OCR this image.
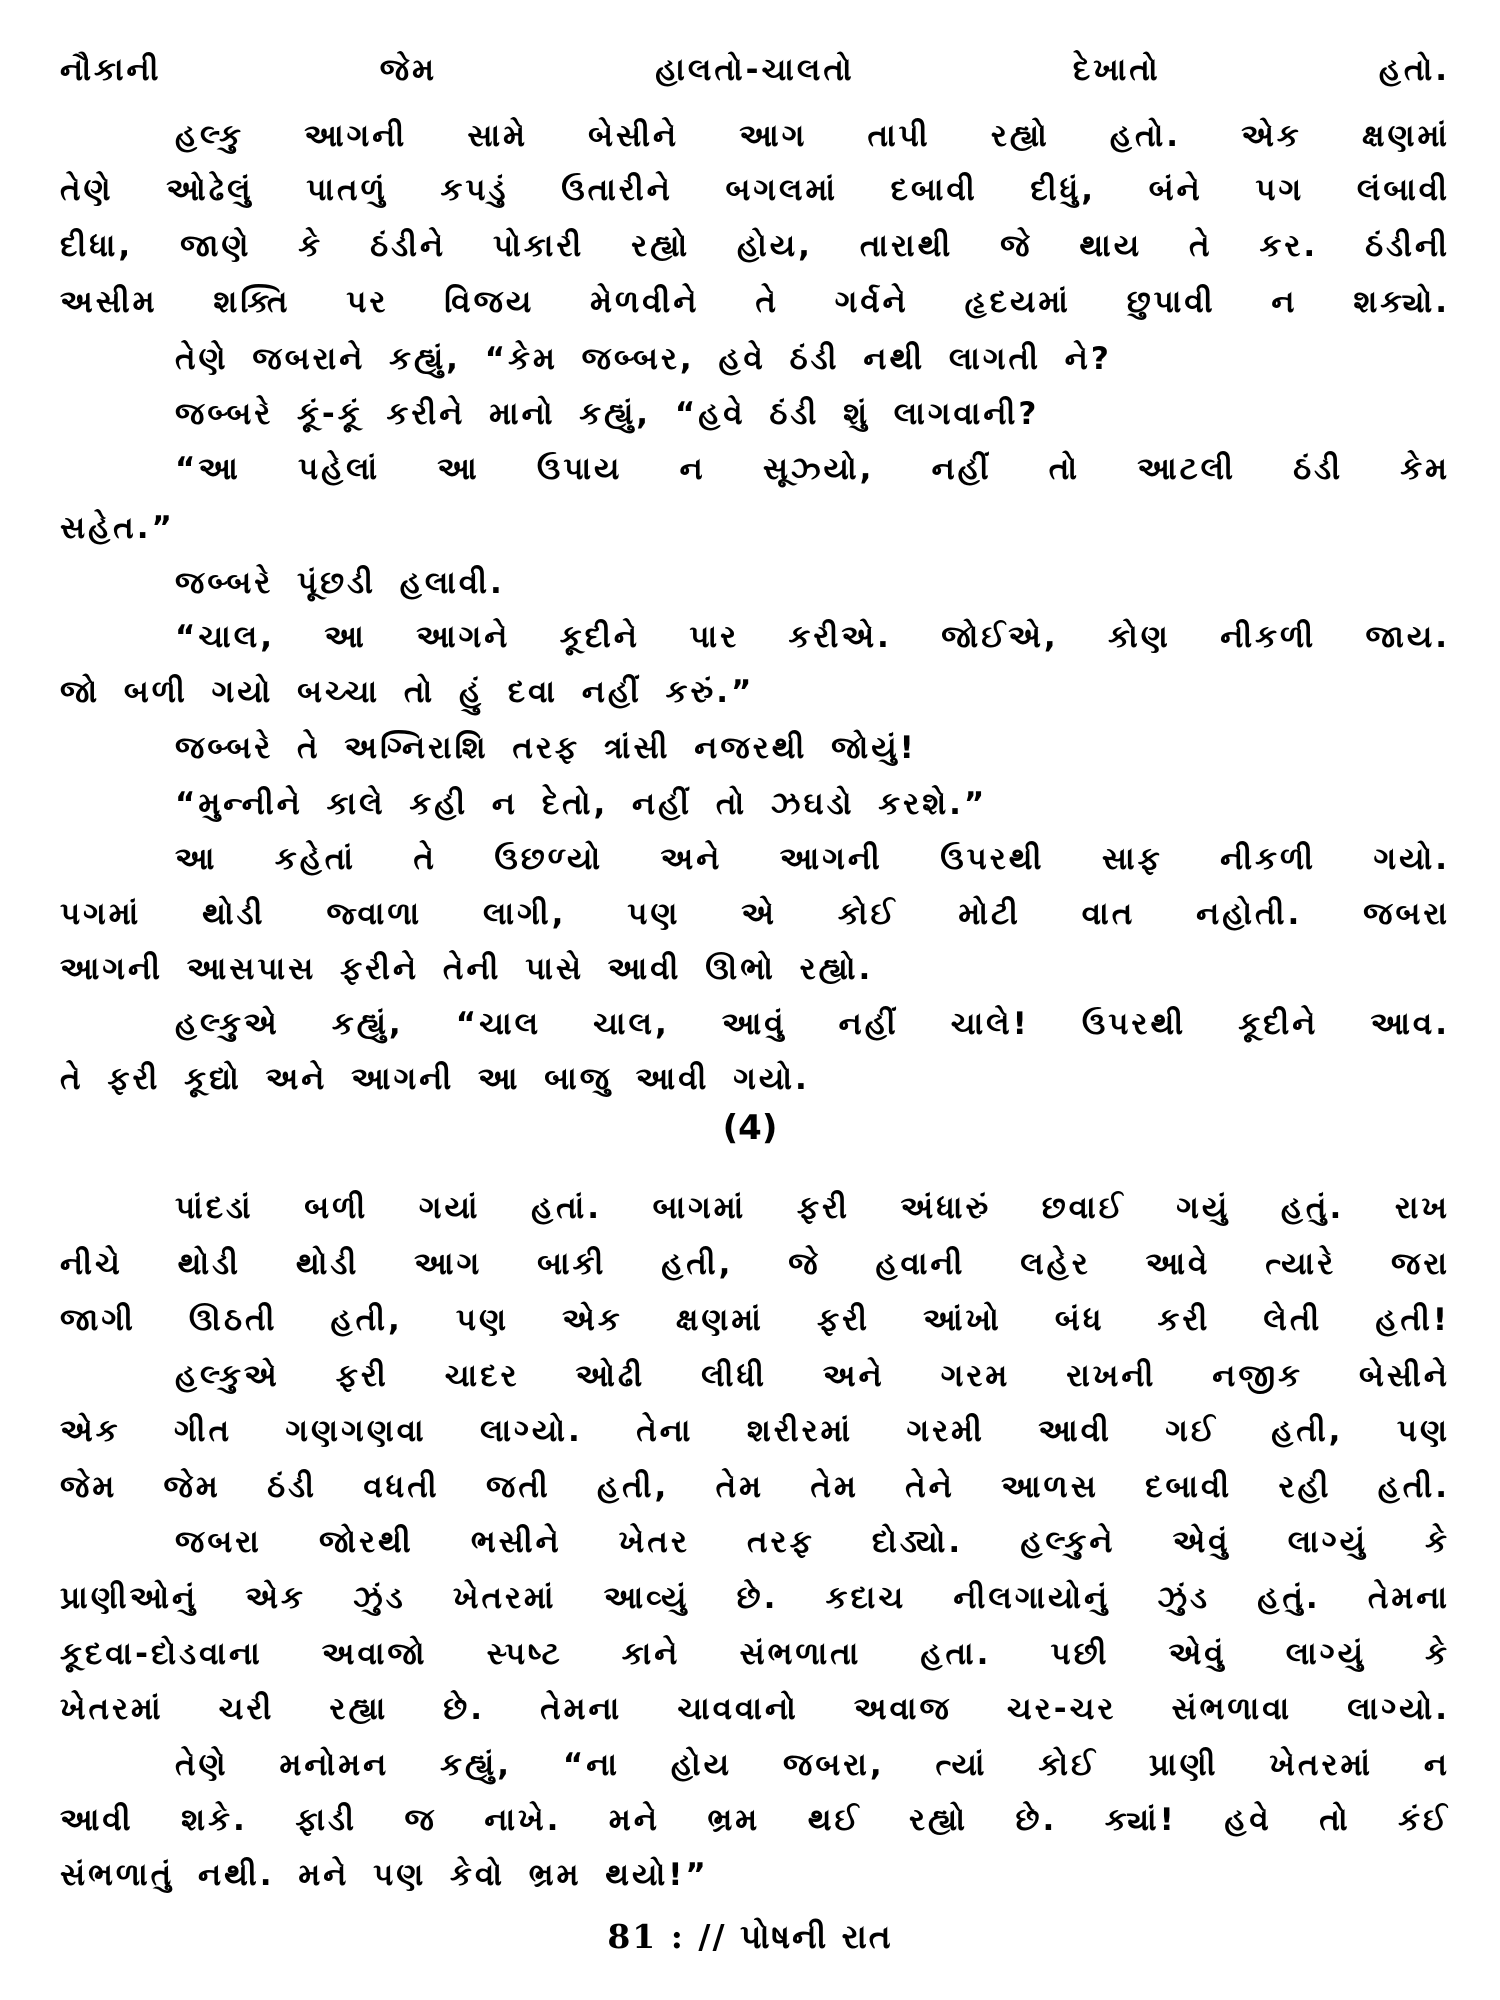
નૌકાની જેમ હાલતો-ચાલતો દેખાતો હતો.
હલ્કુ આગની સામે બેસીને આગ તાપી રહ્યો હતો. એક ક્ષણમાં
તેણે ઓઢેલું પાતળું કપડું ઉતારીને બગલમાં દબાવી દીધું, બંને પગ લંબાવી
દીધા, જાણે કે ઠંડીને પોકારી રહ્યો હોય, તારાથી જે થાય તે કર. ઠંડીની
અસીમ શક્તિ પર વિજય મેળવીને તે ગર્વને હૃદયમાં છુપાવી ન શક્યો.
તેણે જબરાને કહ્યું, “કેમ જબ્બર, હવે ઠંડી નથી લાગતી ને?
જબ્બરે કૂં-કૂં કરીને માનો કહ્યું, “હવે ઠંડી શું લાગવાની?
“આ પહેલાં આ ઉપાય ન સૂઝ્યો, નહીં તો આટલી ઠંડી કેમ
સહેત.”
જબ્બરે પૂંછડી હલાવી.
“ચાલ, આ આગને કૂદીને પાર કરીએ. જોઈએ, કોણ નીકળી જાય.
જો બળી ગયો બચ્ચા તો હું દવા નહીં કરું.”
જબ્બરે તે અગ્નિરાશિ તરફ ત્રાંસી નજરથી જોયું!
“મુન્નીને કાલે કહી ન દેતો, નહીં તો ઝઘડો કરશે.”
આ કહેતાં તે ઉછળ્યો અને આગની ઉપરથી સાફ નીકળી ગયો.
પગમાં થોડી જ્વાળા લાગી, પણ એ કોઈ મોટી વાત નહોતી. જબરા
આગની આસપાસ ફરીને તેની પાસે આવી ઊભો રહ્યો.
હલ્કુએ કહ્યું, “ચાલ ચાલ, આવું નહીં ચાલે! ઉપરથી કૂદીને આવ.
તે ફરી કૂદ્યો અને આગની આ બાજુ આવી ગયો.
(4)
પાંદડાં બળી ગયાં હતાં. બાગમાં ફરી અંધારું છવાઈ ગયું હતું. રાખ
નીચે થોડી થોડી આગ બાકી હતી, જે હવાની લહેર આવે ત્યારે જરા
જાગી ઊઠતી હતી, પણ એક ક્ષણમાં ફરી આંખો બંધ કરી લેતી હતી!
હલ્કુએ ફરી ચાદર ઓઢી લીધી અને ગરમ રાખની નજીક બેસીને
એક ગીત ગણગણવા લાગ્યો. તેના શરીરમાં ગરમી આવી ગઈ હતી, પણ
જેમ જેમ ઠંડી વધતી જતી હતી, તેમ તેમ તેને આળસ દબાવી રહી હતી.
જબરા જોરથી ભસીને ખેતર તરફ દોડ્યો. હલ્કુને એવું લાગ્યું કે
પ્રાણીઓનું એક ઝુંડ ખેતરમાં આવ્યું છે. કદાચ નીલગાયોનું ઝુંડ હતું. તેમના
કૂદવા-દોડવાના અવાજો સ્પષ્ટ કાને સંભળાતા હતા. પછી એવું લાગ્યું કે
ખેતરમાં ચરી રહ્યા છે. તેમના ચાવવાનો અવાજ ચર-ચર સંભળાવા લાગ્યો.
તેણે મનોમન કહ્યું, “ના હોય જબરા, ત્યાં કોઈ પ્રાણી ખેતરમાં ન
આવી શકે. ફાડી જ નાખે. મને ભ્રમ થઈ રહ્યો છે. ક્યાં! હવે તો કંઈ
સંભળાતું નથી. મને પણ કેવો ભ્રમ થયો!”
81 : // પોષની રાત
